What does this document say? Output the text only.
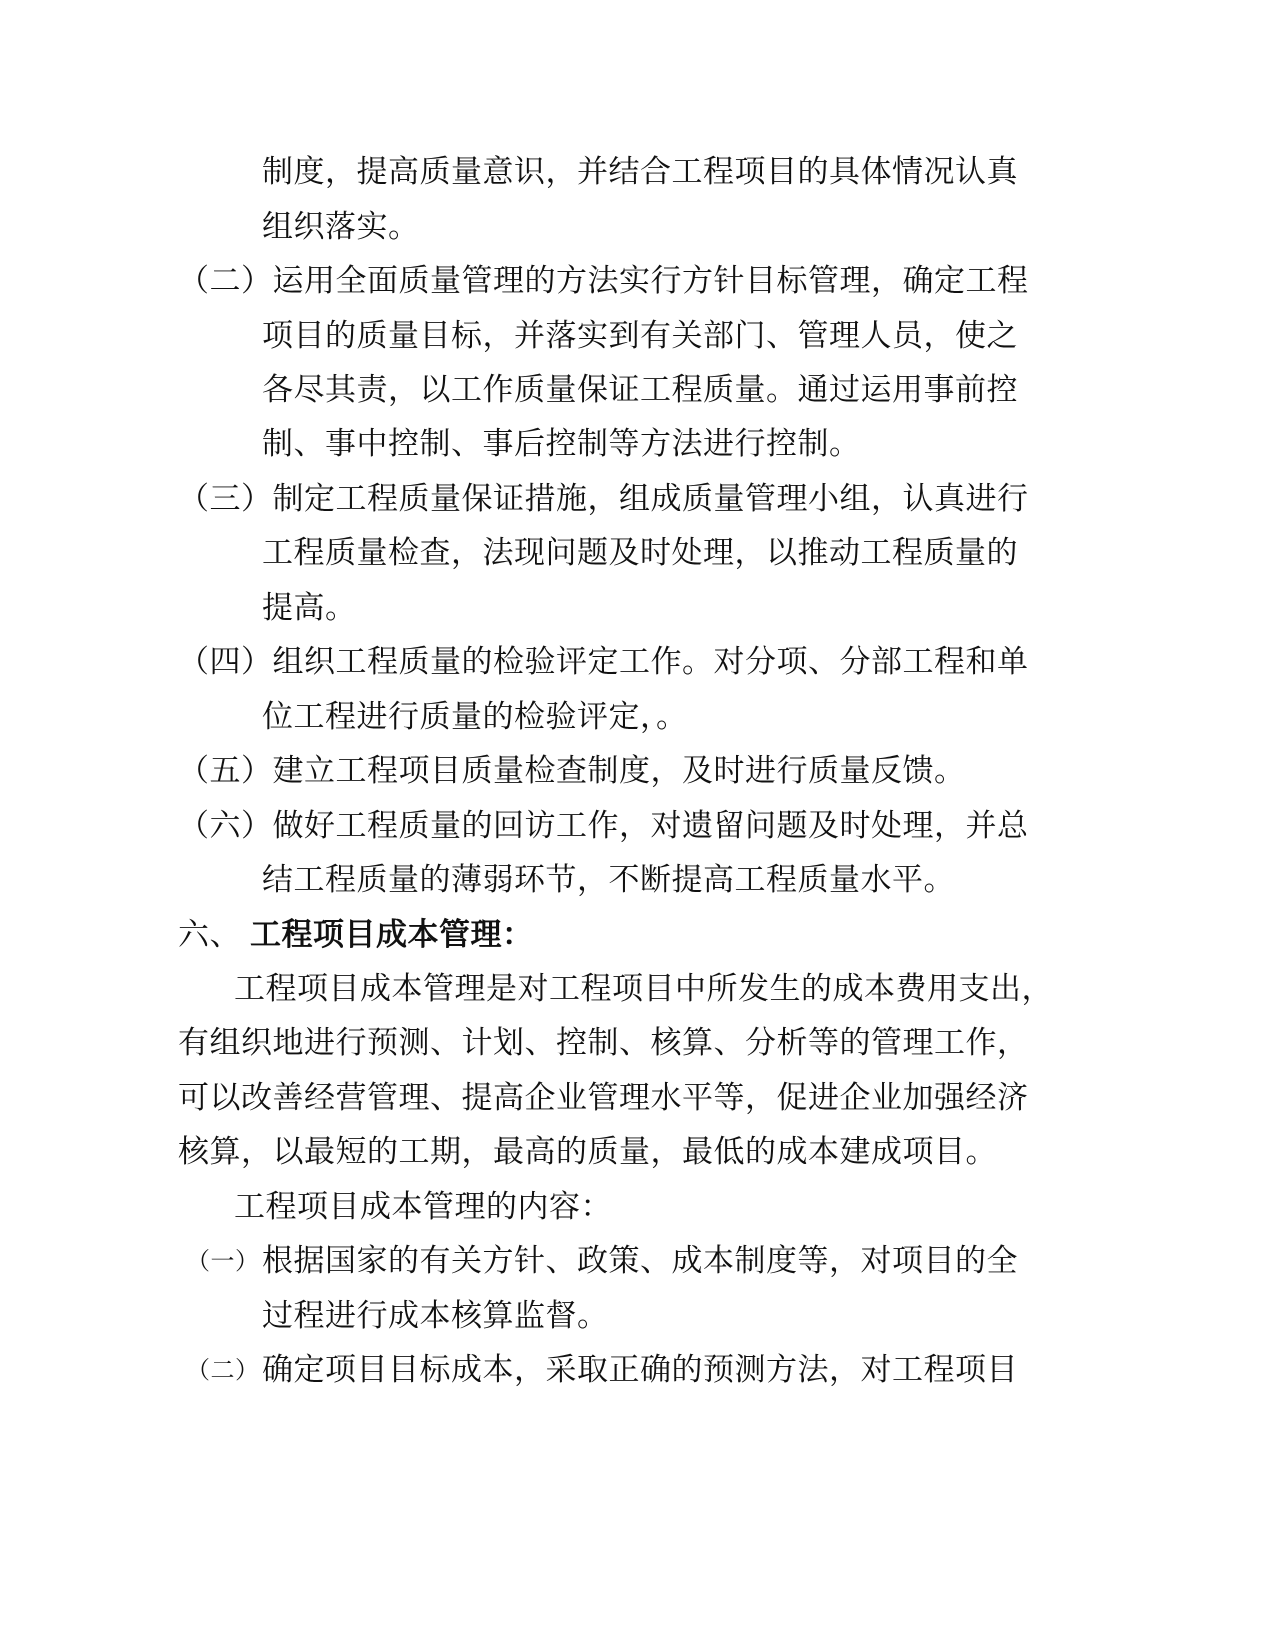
制度，提高质量意识，并结合工程项目的具体情况认真
组织落实。
（二）运用全面质量管理的方法实行方针目标管理，确定工程
项目的质量目标，并落实到有关部门、管理人员，使之
各尽其责，以工作质量保证工程质量。通过运用事前控
制、事中控制、事后控制等方法进行控制。
（三）制定工程质量保证措施，组成质量管理小组，认真进行
工程质量检查，法现问题及时处理，以推动工程质量的
提高。
（四）组织工程质量的检验评定工作。对分项、分部工程和单
位工程进行质量的检验评定，。
（五）建立工程项目质量检查制度，及时进行质量反馈。
（六）做好工程质量的回访工作，对遗留问题及时处理，并总
结工程质量的薄弱环节，不断提高工程质量水平。
六、 工程项目成本管理：
工程项目成本管理是对工程项目中所发生的成本费用支出，
有组织地进行预测、计划、控制、核算、分析等的管理工作，
可以改善经营管理、提高企业管理水平等，促进企业加强经济
核算，以最短的工期，最高的质量，最低的成本建成项目。
工程项目成本管理的内容：
（一） 根据国家的有关方针、政策、成本制度等，对项目的全
过程进行成本核算监督。
（二） 确定项目目标成本，采取正确的预测方法，对工程项目
